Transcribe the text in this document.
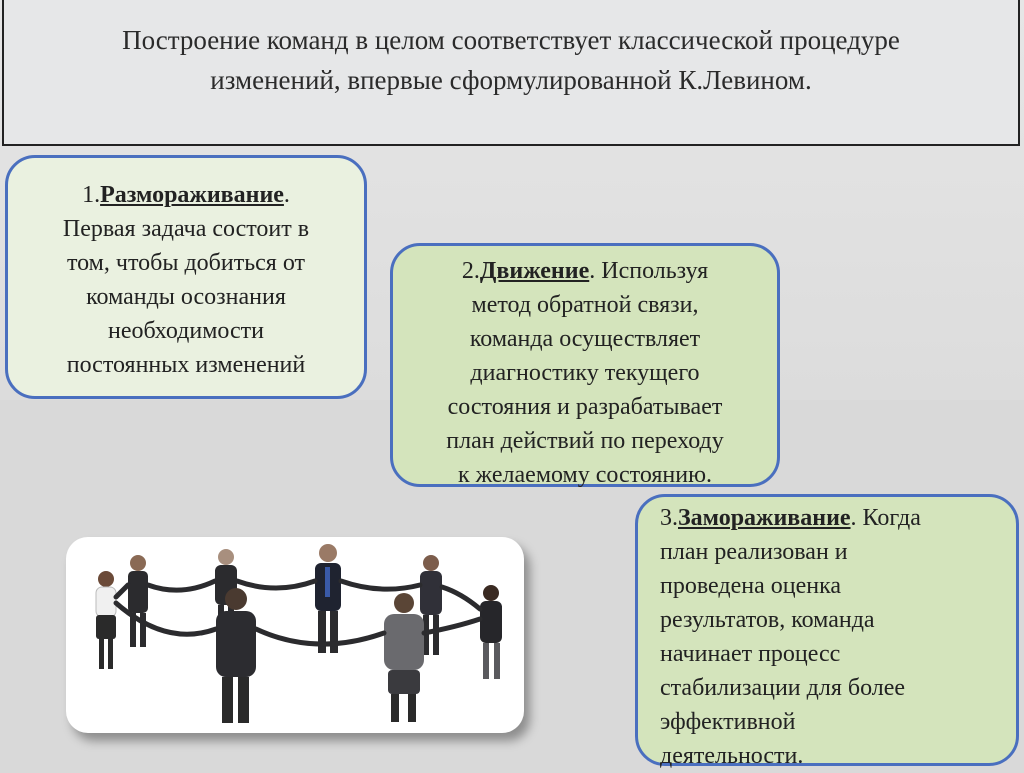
Построение команд в целом соответствует классической процедуре
изменений, впервые сформулированной К.Левином.
1.Размораживание.
Первая задача состоит в
том, чтобы добиться от
команды осознания
необходимости
постоянных изменений
2.Движение. Используя
метод обратной связи,
команда осуществляет
диагностику текущего
состояния и разрабатывает
план действий по переходу
к желаемому состоянию.
3.Замораживание. Когда
план реализован и
проведена оценка
результатов, команда
начинает процесс
стабилизации для более
эффективной
деятельности.
